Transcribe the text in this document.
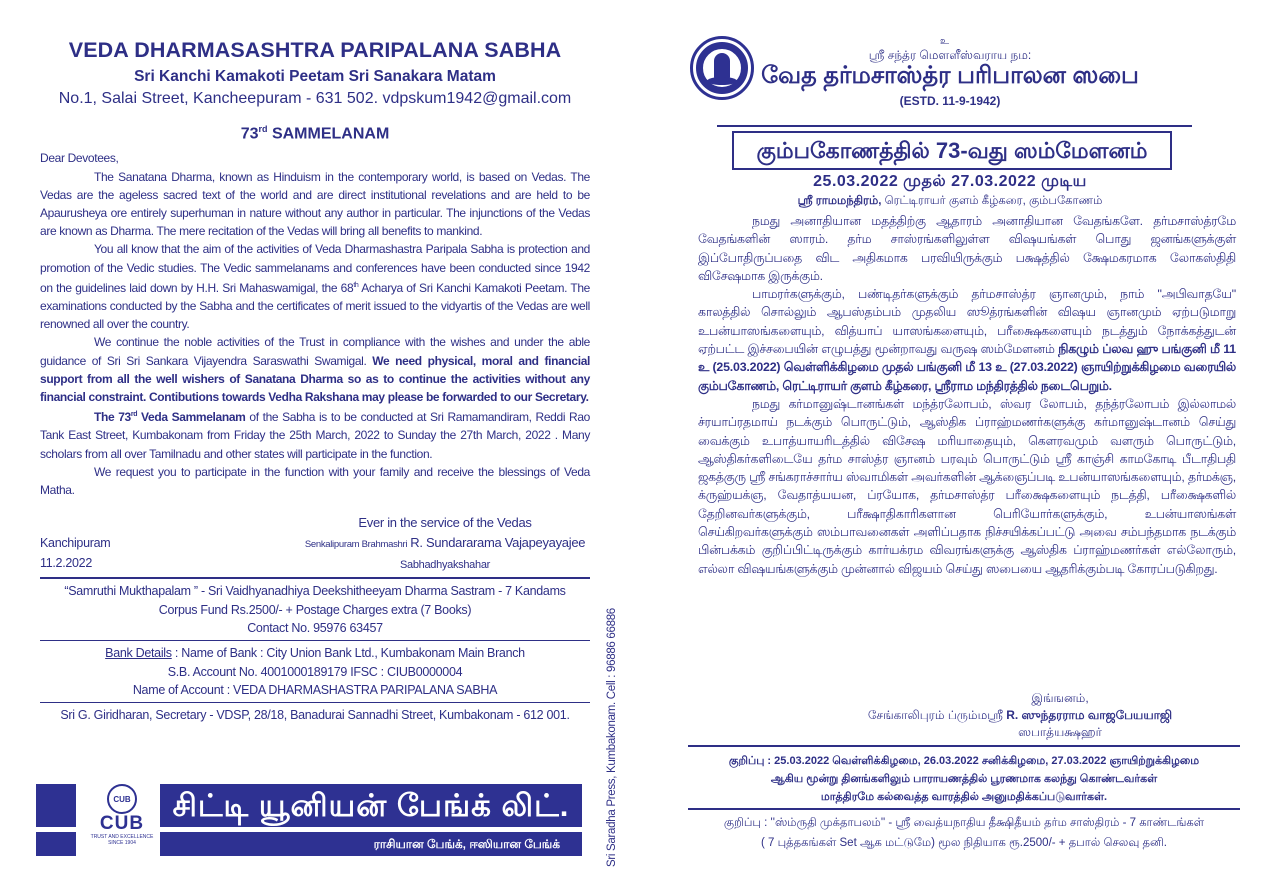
VEDA DHARMASASHTRA PARIPALANA SABHA
Sri Kanchi Kamakoti Peetam Sri Sanakara Matam
No.1, Salai Street, Kancheepuram - 631 502. vdpskum1942@gmail.com
73rd SAMMELANAM

Dear Devotees,

The Sanatana Dharma, known as Hinduism in the contemporary world, is based on Vedas. The Vedas are the ageless sacred text of the world and are direct institutional revelations and are held to be Apaurusheya ore entirely superhuman in nature without any author in particular. The injunctions of the Vedas are known as Dharma. The mere recitation of the Vedas will bring all benefits to mankind.

You all know that the aim of the activities of Veda Dharmashastra Paripala Sabha is protection and promotion of the Vedic studies. The Vedic sammelanams and conferences have been conducted since 1942 on the guidelines laid down by H.H. Sri Mahaswamigal, the 68th Acharya of Sri Kanchi Kamakoti Peetam. The examinations conducted by the Sabha and the certificates of merit issued to the vidyartis of the Vedas are well renowned all over the country.

We continue the noble activities of the Trust in compliance with the wishes and under the able guidance of Sri Sri Sankara Vijayendra Saraswathi Swamigal. We need physical, moral and financial support from all the well wishers of Sanatana Dharma so as to continue the activities without any financial constraint. Contibutions towards Vedha Rakshana may please be forwarded to our Secretary.

The 73rd Veda Sammelanam of the Sabha is to be conducted at Sri Ramamandiram, Reddi Rao Tank East Street, Kumbakonam from Friday the 25th March, 2022 to Sunday the 27th March, 2022 . Many scholars from all over Tamilnadu and other states will participate in the function.

We request you to participate in the function with your family and receive the blessings of Veda Matha.

Kanchipuram
11.2.2022
Ever in the service of the Vedas
Senkalipuram Brahmashri R. Sundararama Vajapeyayajee
Sabhadhyakshahar
“Samruthi Mukthapalam ” - Sri Vaidhyanadhiya Deekshitheeyam Dharma Sastram - 7 Kandams
Corpus Fund Rs.2500/- + Postage Charges extra (7 Books)
Contact No. 95976 63457
Bank Details : Name of Bank : City Union Bank Ltd., Kumbakonam Main Branch
S.B. Account No. 4001000189179 IFSC : CIUB0000004
Name of Account : VEDA DHARMASHASTRA PARIPALANA SABHA
Sri G. Giridharan, Secretary - VDSP, 28/18, Banadurai Sannadhi Street, Kumbakonam - 612 001.
CUB
CUB
TRUST AND EXCELLENCE
SINCE 1904
சிட்டி யூனியன் பேங்க் லிட்.
ராசியான பேங்க், ஈஸியான பேங்க்	Sri Saradha Press, Kumbakonam. Cell : 96886 66886
உ
ஸ்ரீ சந்த்ர மௌளீஸ்வராய நம:
வேத தர்மசாஸ்த்ர பரிபாலன ஸபை
(ESTD. 11-9-1942)
கும்பகோணத்தில் 73-வது ஸம்மேளனம்
25.03.2022 முதல் 27.03.2022 முடிய
ஸ்ரீ ராமமந்திரம், ரெட்டிராயர் குளம் கீழ்கரை, கும்பகோணம்

நமது அனாதியான மதத்திற்கு ஆதாரம் அனாதியான வேதங்களே. தர்மசாஸ்த்ரமே வேதங்களின் ஸாரம். தர்ம சாஸ்ரங்களிலுள்ள விஷயங்கள் பொது ஜனங்களுக்குள் இப்போதிருப்பதை விட அதிகமாக பரவியிருக்கும் பக்ஷத்தில் க்ஷேமகரமாக லோகஸ்திதி விசேஷமாக இருக்கும்.

பாமரர்களுக்கும், பண்டிதர்களுக்கும் தர்மசாஸ்த்ர ஞானமும், நாம் ''அபிவாதயே'' காலத்தில் சொல்லும் ஆபஸ்தம்பம் முதலிய ஸூத்ரங்களின் விஷய ஞானமும் ஏற்படுமாறு உபன்யாஸங்களையும், வித்யாப் யாஸங்களையும், பரீக்ஷைகளையும் நடத்தும் நோக்கத்துடன் ஏற்பட்ட இச்சபையின் எழுபத்து மூன்றாவது வருஷ ஸம்மேளனம் நிகழும் ப்லவ ஹு பங்குனி மீ 11 உ (25.03.2022) வெள்ளிக்கிழமை முதல் பங்குனி மீ 13 உ (27.03.2022) ஞாயிற்றுக்கிழமை வரையில் கும்பகோணம், ரெட்டிராயர் குளம் கீழ்கரை, ஸ்ரீராம மந்திரத்தில் நடைபெறும்.

நமது கர்மானுஷ்டானங்கள் மந்த்ரலோபம், ஸ்வர லோபம், தந்த்ரலோபம் இல்லாமல் ச்ரயாப்ரதமாய் நடக்கும் பொருட்டும், ஆஸ்திக ப்ராஹ்மணர்களுக்கு கர்மானுஷ்டானம் செய்து வைக்கும் உபாத்யாயரிடத்தில் விசேஷ மரியாதையும், கௌரவமும் வளரும் பொருட்டும், ஆஸ்திகர்களிடையே தர்ம சாஸ்த்ர ஞானம் பரவும் பொருட்டும் ஸ்ரீ காஞ்சி காமகோடி பீடாதிபதி ஜகத்குரு ஸ்ரீ சங்கராச்சார்ய ஸ்வாமிகள் அவர்களின் ஆக்ஞைப்படி உபன்யாஸங்களையும், தர்மக்ஞ, க்ருஹ்யக்ஞ, வேதாத்யயன, ப்ரயோக, தர்மசாஸ்த்ர பரீக்ஷைகளையும் நடத்தி, பரீக்ஷைகளில் தேறினவர்களுக்கும், பரீக்ஷாதிகாரிகளான பெரியோர்களுக்கும், உபன்யாஸங்கள் செய்கிறவர்களுக்கும் ஸம்பாவனைகள் அளிப்பதாக நிச்சயிக்கப்பட்டு அவை சம்பந்தமாக நடக்கும் பின்பக்கம் குறிப்பிட்டிருக்கும் கார்யக்ரம விவரங்களுக்கு ஆஸ்திக ப்ராஹ்மணர்கள் எல்லோரும், எல்லா விஷயங்களுக்கும் முன்னால் விஜயம் செய்து ஸபையை ஆதரிக்கும்படி கோரப்படுகிறது.

இங்ஙனம்,
சேங்காலிபுரம் ப்ரும்மஸ்ரீ R. ஸுந்தரராம வாஜபேயயாஜி
ஸபாத்யக்ஷஹர்
குறிப்பு : 25.03.2022 வெள்ளிக்கிழமை, 26.03.2022 சனிக்கிழமை, 27.03.2022 ஞாயிற்றுக்கிழமை
ஆகிய மூன்று தினங்களிலும் பாராயணத்தில் பூரணமாக கலந்து கொண்டவர்கள்
மாத்திரமே கல்வைத்த வாரத்தில் அனுமதிக்கப்படுவார்கள்.
குறிப்பு : ''ஸ்ம்ருதி முக்தாபலம்'' - ஸ்ரீ வைத்யநாதிய தீக்ஷிதீயம் தர்ம சாஸ்திரம் - 7 காண்டங்கள்
( 7 புத்தகங்கள் Set ஆக மட்டுமே) மூல நிதியாக ரூ.2500/- + தபால் செலவு தனி.
